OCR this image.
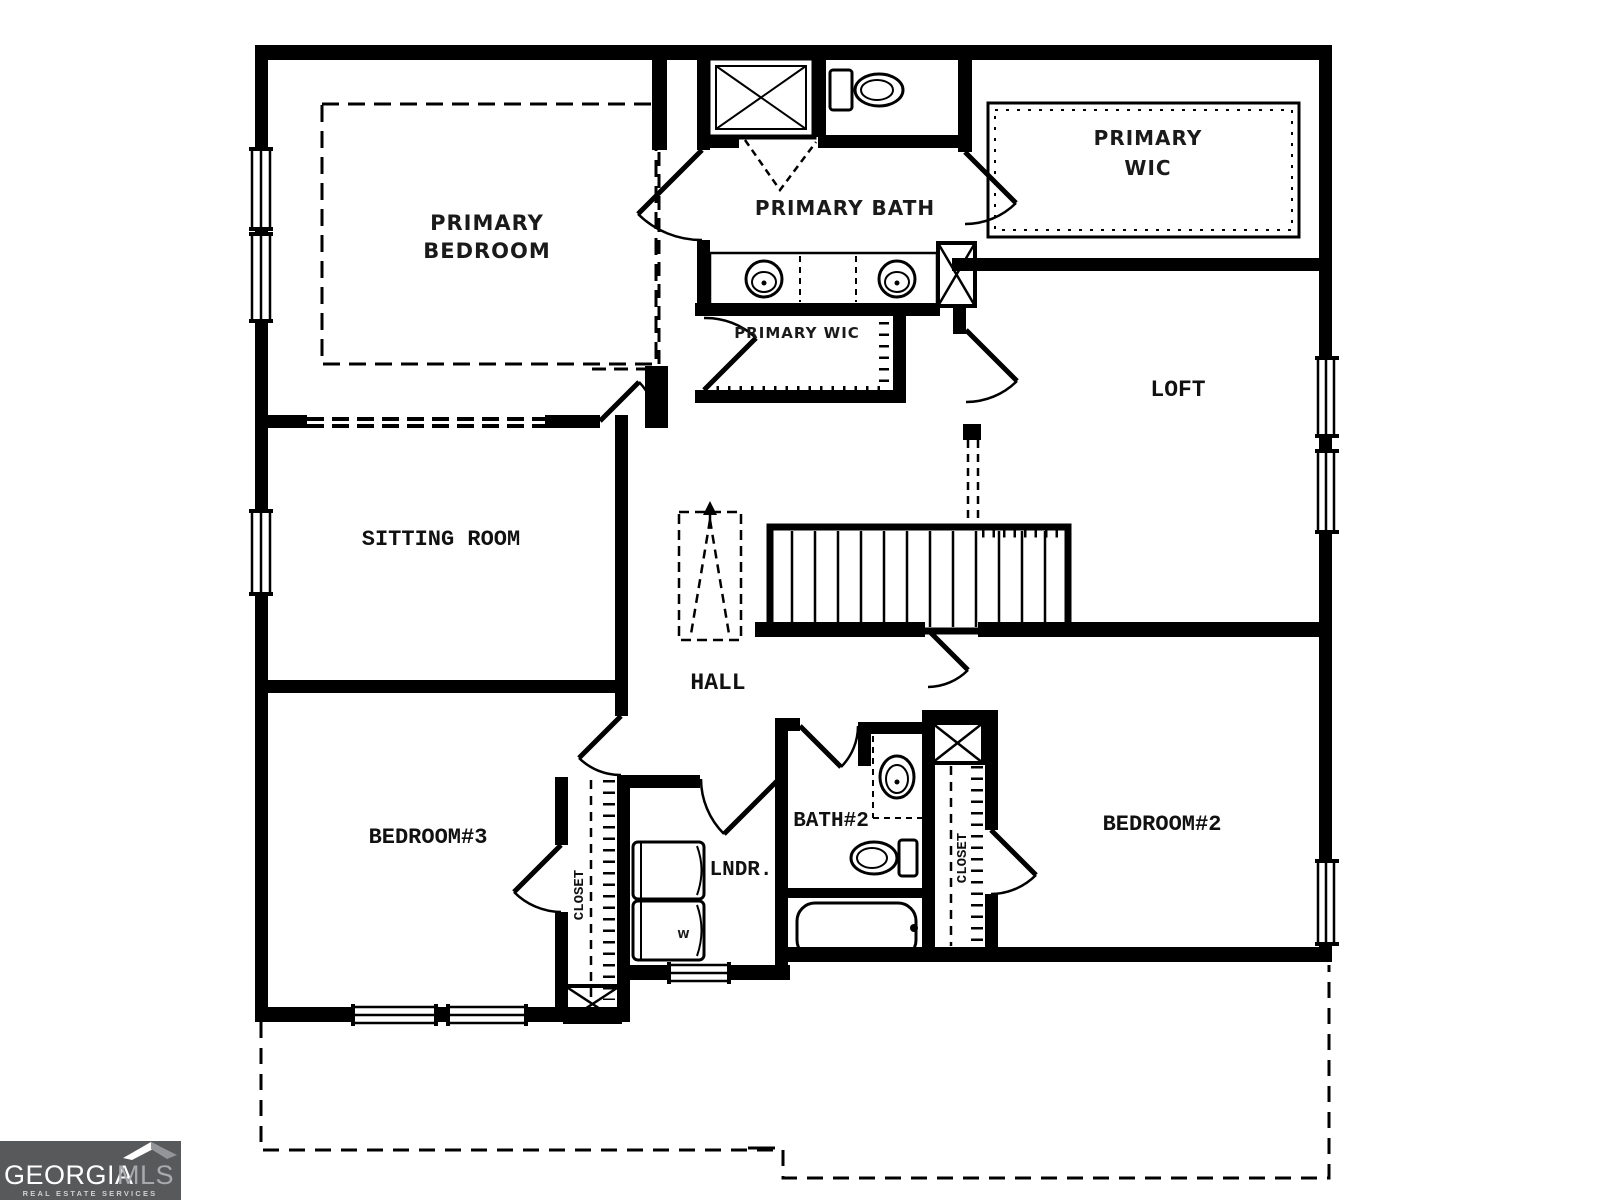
W
PRIMARY
BEDROOM
PRIMARY BATH
PRIMARY
WIC
PRIMARY WIC
LOFT
SITTING ROOM
HALL
BEDROOM#3
BEDROOM#2
BATH#2
LNDR.
CLOSET
CLOSET
GEORGIA
MLS
REAL ESTATE SERVICES
